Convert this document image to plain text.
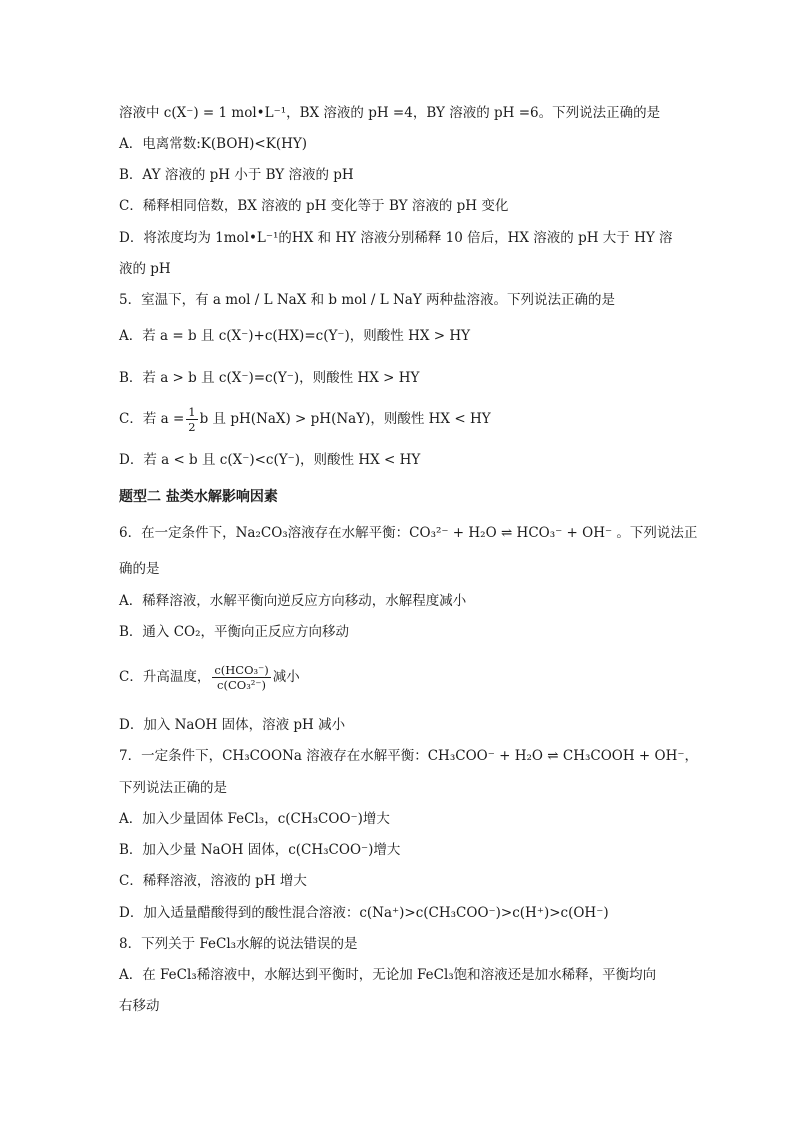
溶液中 c(X⁻) = 1 mol•L⁻¹，BX 溶液的 pH =4，BY 溶液的 pH =6。下列说法正确的是
A．电离常数:K(BOH)<K(HY)
B．AY 溶液的 pH 小于 BY 溶液的 pH
C．稀释相同倍数，BX 溶液的 pH 变化等于 BY 溶液的 pH 变化
D．将浓度均为 1mol•L⁻¹的HX 和 HY 溶液分别稀释 10 倍后，HX 溶液的 pH 大于 HY 溶
液的 pH
5．室温下，有 a mol / L NaX 和 b mol / L NaY 两种盐溶液。下列说法正确的是
A．若 a = b 且 c(X⁻)+c(HX)=c(Y⁻)，则酸性 HX > HY
B．若 a > b 且 c(X⁻)=c(Y⁻)，则酸性 HX > HY
C．若 $a = \frac{1}{2}$ b 且 pH(NaX) > pH(NaY)，则酸性 HX < HY
D．若 a < b 且 c(X⁻)<c(Y⁻)，则酸性 HX < HY
题型二 盐类水解影响因素
6．在一定条件下，Na₂CO₃溶液存在水解平衡：CO₃²⁻ + H₂O ⇌ HCO₃⁻ + OH⁻ 。下列说法正
确的是
A．稀释溶液，水解平衡向逆反应方向移动，水解程度减小
B．通入 CO₂，平衡向正反应方向移动
C．升高温度， $\frac{\text{c(HCO₃⁻)}}{\text{c(CO₃²⁻)}}$ 减小
D．加入 NaOH 固体，溶液 pH 减小
7．一定条件下，CH₃COONa 溶液存在水解平衡：CH₃COO⁻ + H₂O ⇌ CH₃COOH + OH⁻，
下列说法正确的是
A．加入少量固体 FeCl₃，c(CH₃COO⁻)增大
B．加入少量 NaOH 固体，c(CH₃COO⁻)增大
C．稀释溶液，溶液的 pH 增大
D．加入适量醋酸得到的酸性混合溶液：c(Na⁺)>c(CH₃COO⁻)>c(H⁺)>c(OH⁻)
8．下列关于 FeCl₃水解的说法错误的是
A．在 FeCl₃稀溶液中，水解达到平衡时，无论加 FeCl₃饱和溶液还是加水稀释，平衡均向
右移动
